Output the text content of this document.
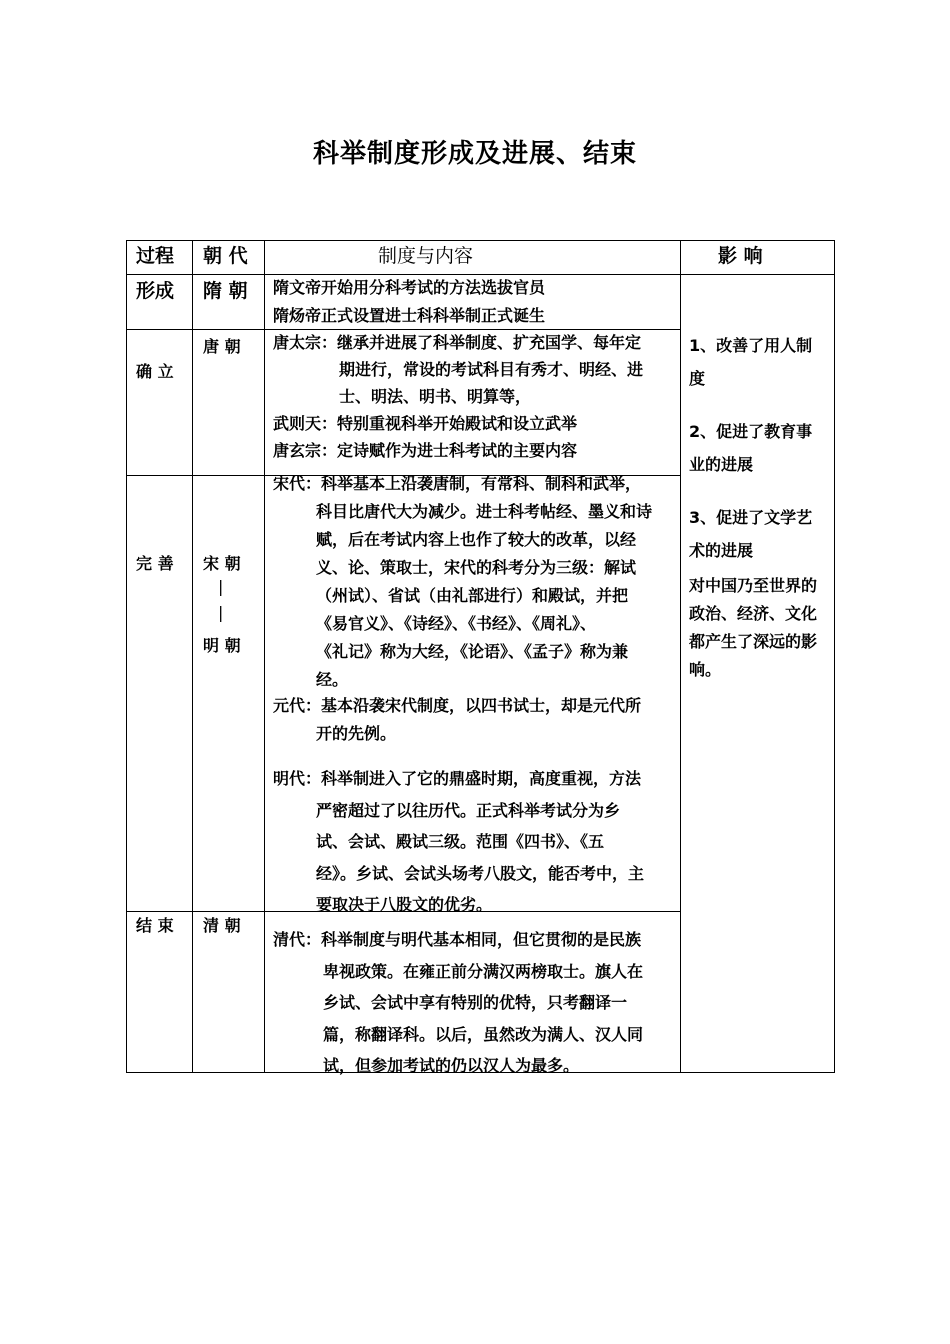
科举制度形成及进展、结束
过程 朝 代	制度与内容	影 响
形成 隋 朝 隋文帝开始用分科考试的方法选拔官员
隋炀帝正式设置进士科科举制正式诞生
确 立
唐 朝 唐太宗：继承并进展了科举制度、扩充国学、每年定
期进行，常设的考试科目有秀才、明经、进
士、明法、明书、明算等，
武则天：特别重视科举开始殿试和设立武举
唐玄宗：定诗赋作为进士科考试的主要内容
完 善 宋 朝
|
|
明 朝
宋代：科举基本上沿袭唐制，有常科、制科和武举，
科目比唐代大为减少。进士科考帖经、墨义和诗
赋，后在考试内容上也作了较大的改革，以经
义、论、策取士，宋代的科考分为三级：解试
（州试）、省试（由礼部进行）和殿试，并把
《易官义》、《诗经》、《书经》、《周礼》、
《礼记》称为大经，《论语》、《孟子》称为兼
经。
元代：基本沿袭宋代制度，以四书试士，却是元代所
开的先例。
明代：科举制进入了它的鼎盛时期，高度重视，方法
严密超过了以往历代。正式科举考试分为乡
试、会试、殿试三级。范围《四书》、《五
经》。乡试、会试头场考八股文，能否考中，主
要取决于八股文的优劣。
结 束 清 朝
清代：科举制度与明代基本相同，但它贯彻的是民族
卑视政策。在雍正前分满汉两榜取士。旗人在
乡试、会试中享有特别的优特，只考翻译一
篇，称翻译科。以后，虽然改为满人、汉人同
试，但参加考试的仍以汉人为最多。
1、改善了用人制
度
2、促进了教育事
业的进展
3、促进了文学艺
术的进展
对中国乃至世界的
政治、经济、文化
都产生了深远的影
响。
